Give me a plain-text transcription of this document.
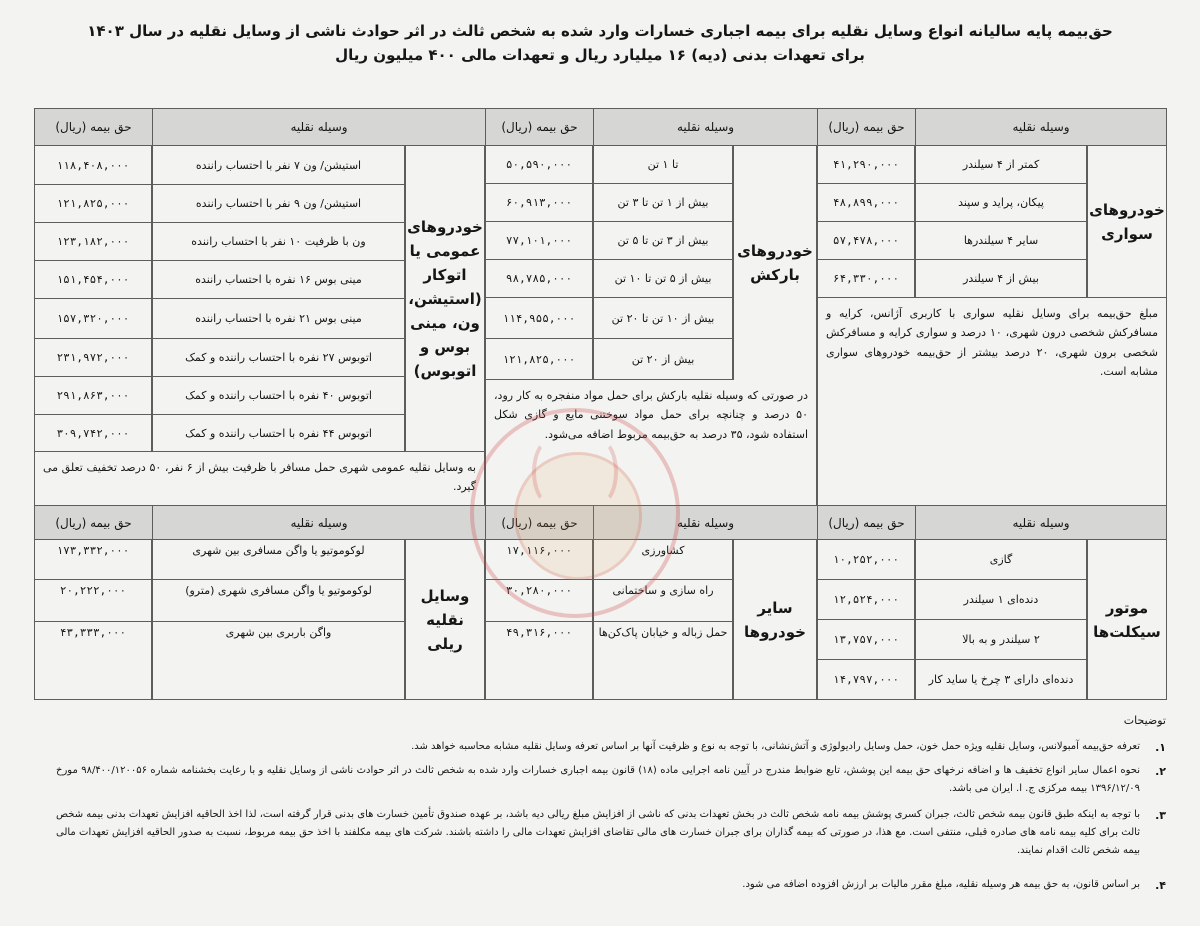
حق‌بیمه پایه سالیانه انواع وسایل نقلیه برای بیمه اجباری خسارات وارد شده به شخص ثالث در اثر حوادث ناشی از وسایل نقلیه در سال ۱۴۰۳
برای تعهدات بدنی (دیه) ۱۶ میلیارد ریال و تعهدات مالی ۴۰۰ میلیون ریال
وسیله نقلیه
حق بیمه (ریال)
وسیله نقلیه
حق بیمه (ریال)
وسیله نقلیه
حق بیمه (ریال)
خودروهای سواری
مبلغ حق‌بیمه برای وسایل نقلیه سواری با کاربری آژانس، کرایه و مسافرکش شخصی درون شهری، ۱۰ درصد و سواری کرایه و مسافرکش شخصی برون شهری، ۲۰ درصد بیشتر از حق‌بیمه خودروهای سواری مشابه است.
خودروهای بارکش
در صورتی که وسیله نقلیه بارکش برای حمل مواد منفجره به کار رود، ۵۰ درصد و چنانچه برای حمل مواد سوختنی مایع و گازی شکل استفاده شود، ۳۵ درصد به حق‌بیمه مربوط اضافه می‌شود.
خودروهای عمومی یا اتوکار (استیشن، ون، مینی بوس و اتوبوس)
به وسایل نقلیه عمومی شهری حمل مسافر با ظرفیت بیش از ۶ نفر، ۵۰ درصد تخفیف تعلق می گیرد.
وسیله نقلیه
حق بیمه (ریال)
وسیله نقلیه
حق بیمه (ریال)
وسیله نقلیه
حق بیمه (ریال)
موتور سیکلت‌ها
سایر خودروها
وسایل نقلیه ریلی
کمتر از ۴ سیلندر
۴۱,۲۹۰,۰۰۰
پیکان، پراید و سپند
۴۸,۸۹۹,۰۰۰
سایر ۴ سیلندرها
۵۷,۴۷۸,۰۰۰
بیش از ۴ سیلندر
۶۴,۳۳۰,۰۰۰
تا ۱ تن
۵۰,۵۹۰,۰۰۰
بیش از ۱ تن تا ۳ تن
۶۰,۹۱۳,۰۰۰
بیش از ۳ تن تا ۵ تن
۷۷,۱۰۱,۰۰۰
بیش از ۵ تن تا ۱۰ تن
۹۸,۷۸۵,۰۰۰
بیش از ۱۰ تن تا ۲۰ تن
۱۱۴,۹۵۵,۰۰۰
بیش از ۲۰ تن
۱۲۱,۸۲۵,۰۰۰
استیشن/ ون ۷ نفر با احتساب راننده
۱۱۸,۴۰۸,۰۰۰
استیشن/ ون ۹ نفر با احتساب راننده
۱۲۱,۸۲۵,۰۰۰
ون با ظرفیت ۱۰ نفر با احتساب راننده
۱۲۳,۱۸۲,۰۰۰
مینی بوس ۱۶ نفره با احتساب راننده
۱۵۱,۴۵۴,۰۰۰
مینی بوس ۲۱ نفره با احتساب راننده
۱۵۷,۳۲۰,۰۰۰
اتوبوس ۲۷ نفره با احتساب راننده و کمک
۲۳۱,۹۷۲,۰۰۰
اتوبوس ۴۰ نفره با احتساب راننده و کمک
۲۹۱,۸۶۳,۰۰۰
اتوبوس ۴۴ نفره با احتساب راننده و کمک
۳۰۹,۷۴۲,۰۰۰
گازی
۱۰,۲۵۲,۰۰۰
دنده‌ای ۱ سیلندر
۱۲,۵۲۴,۰۰۰
۲ سیلندر و به بالا
۱۳,۷۵۷,۰۰۰
دنده‌ای دارای ۳ چرخ یا ساید کار
۱۴,۷۹۷,۰۰۰
کشاورزی
۱۷,۱۱۶,۰۰۰
راه سازی و ساختمانی
۳۰,۲۸۰,۰۰۰
حمل زباله و خیابان پاک‌کن‌ها
۴۹,۳۱۶,۰۰۰
لوکوموتیو یا واگن مسافری بین شهری
۱۷۳,۳۳۲,۰۰۰
لوکوموتیو یا واگن مسافری شهری (مترو)
۲۰,۲۲۲,۰۰۰
واگن باربری بین شهری
۴۳,۳۳۳,۰۰۰
توضیحات
۱.
تعرفه حق‌بیمه آمبولانس، وسایل نقلیه ویژه حمل خون، حمل وسایل رادیولوژی و آتش‌نشانی، با توجه به نوع و ظرفیت آنها بر اساس تعرفه وسایل نقلیه مشابه محاسبه خواهد شد.
۲.
نحوه اعمال سایر انواع تخفیف ها و اضافه نرخهای حق بیمه این پوشش، تابع ضوابط مندرج در آیین نامه اجرایی ماده (۱۸) قانون بیمه اجباری خسارات وارد شده به شخص ثالث در اثر حوادث ناشی از وسایل نقلیه و با رعایت بخشنامه شماره ۹۸/۴۰۰/۱۲۰۰۵۶ مورخ ۱۳۹۶/۱۲/۰۹ بیمه مرکزی ج. ا. ایران می باشد.
۳.
با توجه به اینکه طبق قانون بیمه شخص ثالث، جبران کسری پوشش بیمه نامه شخص ثالث در بخش تعهدات بدنی که ناشی از افزایش مبلغ ریالی دیه باشد، بر عهده صندوق تأمین خسارت های بدنی قرار گرفته است، لذا اخذ الحاقیه افزایش تعهدات بدنی بیمه شخص ثالث برای کلیه بیمه نامه های صادره قبلی، منتفی است. مع هذا، در صورتی که بیمه گذاران برای جبران خسارت های مالی تقاضای افزایش تعهدات مالی را داشته باشند. شرکت های بیمه مکلفند با اخذ حق بیمه مربوط، نسبت به صدور الحاقیه افزایش تعهدات مالی بیمه شخص ثالث اقدام نمایند.
۴.
بر اساس قانون، به حق بیمه هر وسیله نقلیه، مبلغ مقرر مالیات بر ارزش افزوده اضافه می شود.
